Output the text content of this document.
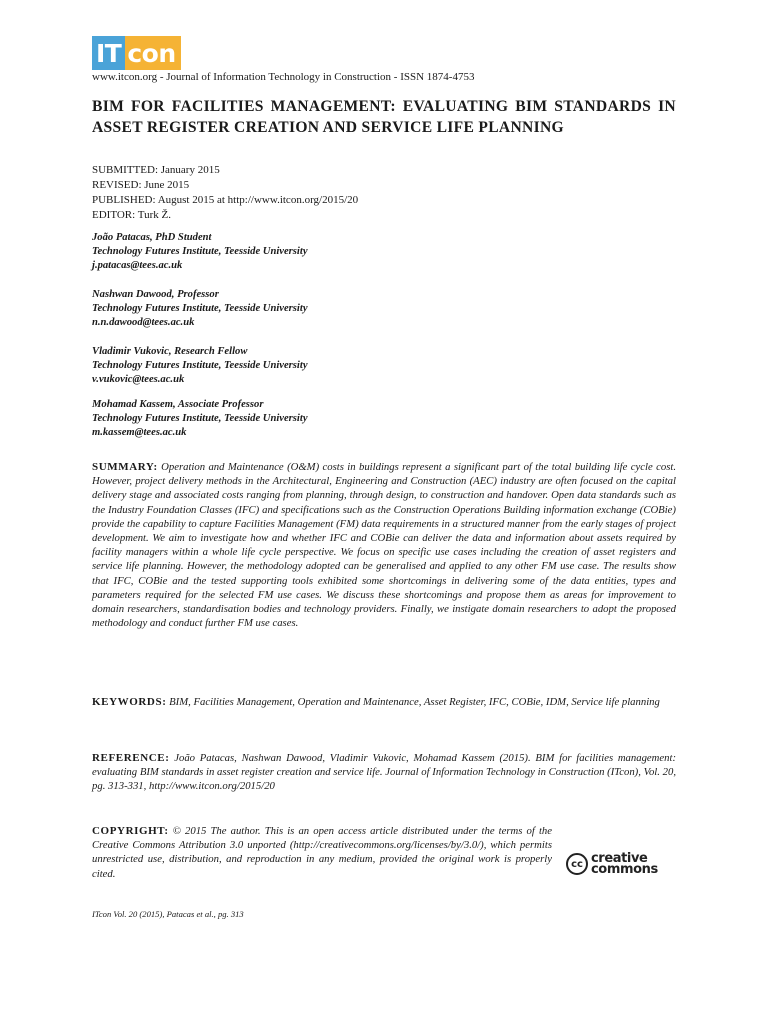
IT con
www.itcon.org - Journal of Information Technology in Construction - ISSN 1874-4753
BIM FOR FACILITIES MANAGEMENT: EVALUATING BIM STANDARDS IN ASSET REGISTER CREATION AND SERVICE LIFE PLANNING
SUBMITTED: January 2015
REVISED: June 2015
PUBLISHED: August 2015 at http://www.itcon.org/2015/20
EDITOR: Turk Ž.
João Patacas, PhD Student
Technology Futures Institute, Teesside University
j.patacas@tees.ac.uk
Nashwan Dawood, Professor
Technology Futures Institute, Teesside University
n.n.dawood@tees.ac.uk
Vladimir Vukovic, Research Fellow
Technology Futures Institute, Teesside University
v.vukovic@tees.ac.uk
Mohamad Kassem, Associate Professor
Technology Futures Institute, Teesside University
m.kassem@tees.ac.uk
SUMMARY: Operation and Maintenance (O&M) costs in buildings represent a significant part of the total building life cycle cost. However, project delivery methods in the Architectural, Engineering and Construction (AEC) industry are often focused on the capital delivery stage and associated costs ranging from planning, through design, to construction and handover. Open data standards such as the Industry Foundation Classes (IFC) and specifications such as the Construction Operations Building information exchange (COBie) provide the capability to capture Facilities Management (FM) data requirements in a structured manner from the early stages of project development. We aim to investigate how and whether IFC and COBie can deliver the data and information about assets required by facility managers within a whole life cycle perspective. We focus on specific use cases including the creation of asset registers and service life planning. However, the methodology adopted can be generalised and applied to any other FM use case. The results show that IFC, COBie and the tested supporting tools exhibited some shortcomings in delivering some of the data entities, types and parameters required for the selected FM use cases. We discuss these shortcomings and propose them as areas for improvement to domain researchers, standardisation bodies and technology providers. Finally, we instigate domain researchers to adopt the proposed methodology and conduct further FM use cases.
KEYWORDS: BIM, Facilities Management, Operation and Maintenance, Asset Register, IFC, COBie, IDM, Service life planning
REFERENCE: João Patacas, Nashwan Dawood, Vladimir Vukovic, Mohamad Kassem (2015). BIM for facilities management: evaluating BIM standards in asset register creation and service life. Journal of Information Technology in Construction (ITcon), Vol. 20, pg. 313-331, http://www.itcon.org/2015/20
COPYRIGHT: © 2015 The author. This is an open access article distributed under the terms of the Creative Commons Attribution 3.0 unported (http://creativecommons.org/licenses/by/3.0/), which permits unrestricted use, distribution, and reproduction in any medium, provided the original work is properly cited.
cc creative
commons
ITcon Vol. 20 (2015), Patacas et al., pg. 313
